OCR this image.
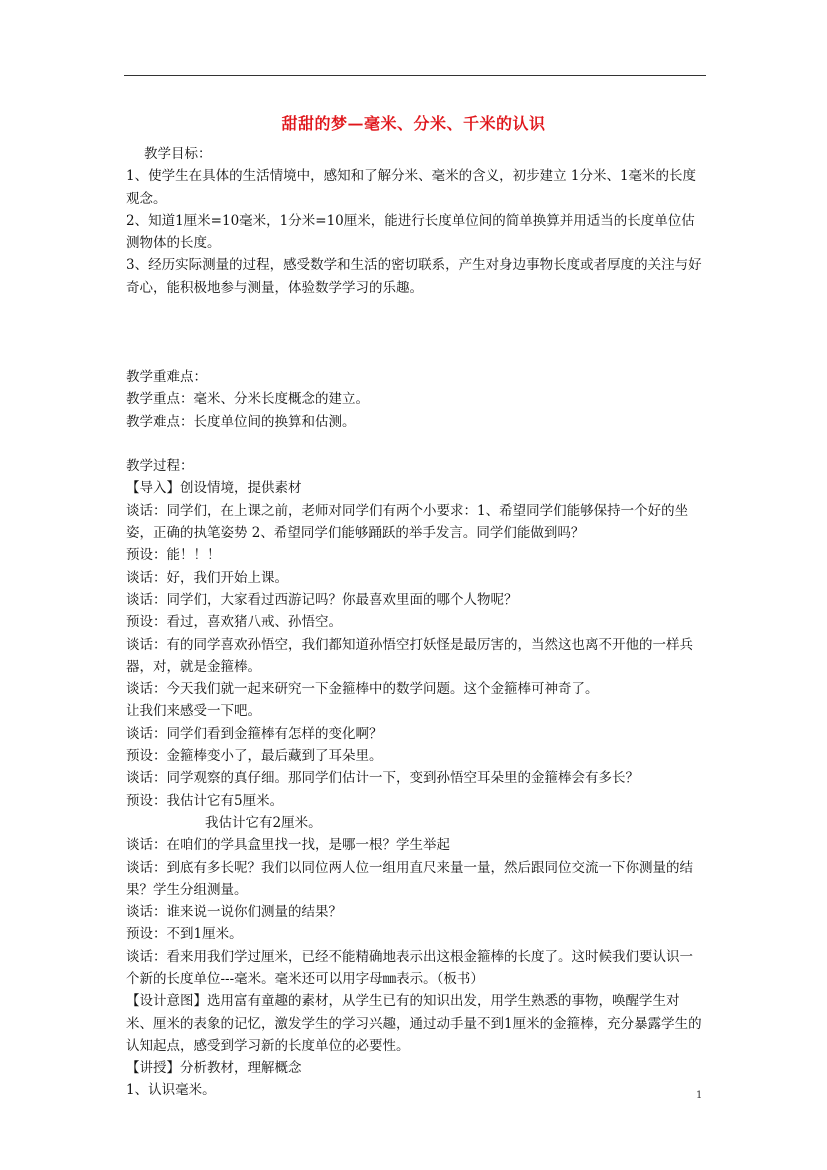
甜甜的梦—毫米、分米、千米的认识

教学目标：

1、使学生在具体的生活情境中，感知和了解分米、毫米的含义，初步建立 1分米、1毫米的长度观念。

2、知道1厘米=10毫米，1分米=10厘米，能进行长度单位间的简单换算并用适当的长度单位估测物体的长度。

3、经历实际测量的过程，感受数学和生活的密切联系，产生对身边事物长度或者厚度的关注与好奇心，能积极地参与测量，体验数学学习的乐趣。

教学重难点：

教学重点：毫米、分米长度概念的建立。

教学难点：长度单位间的换算和估测。

教学过程：

【导入】创设情境，提供素材

谈话：同学们，在上课之前，老师对同学们有两个小要求：1、希望同学们能够保持一个好的坐姿，正确的执笔姿势 2、希望同学们能够踊跃的举手发言。同学们能做到吗？

预设：能！！！

谈话：好，我们开始上课。

谈话：同学们，大家看过西游记吗？你最喜欢里面的哪个人物呢？

预设：看过，喜欢猪八戒、孙悟空。

谈话：有的同学喜欢孙悟空，我们都知道孙悟空打妖怪是最厉害的，当然这也离不开他的一样兵器，对，就是金箍棒。

谈话：今天我们就一起来研究一下金箍棒中的数学问题。这个金箍棒可神奇了。

让我们来感受一下吧。

谈话：同学们看到金箍棒有怎样的变化啊？

预设：金箍棒变小了，最后藏到了耳朵里。

谈话：同学观察的真仔细。那同学们估计一下，变到孙悟空耳朵里的金箍棒会有多长？

预设：我估计它有5厘米。

我估计它有2厘米。

谈话：在咱们的学具盒里找一找，是哪一根？学生举起

谈话：到底有多长呢？我们以同位两人位一组用直尺来量一量，然后跟同位交流一下你测量的结果？学生分组测量。

谈话：谁来说一说你们测量的结果？

预设：不到1厘米。

谈话：看来用我们学过厘米，已经不能精确地表示出这根金箍棒的长度了。这时候我们要认识一个新的长度单位---毫米。毫米还可以用字母㎜表示。（板书）

【设计意图】选用富有童趣的素材，从学生已有的知识出发，用学生熟悉的事物，唤醒学生对米、厘米的表象的记忆，激发学生的学习兴趣，通过动手量不到1厘米的金箍棒，充分暴露学生的认知起点，感受到学习新的长度单位的必要性。

【讲授】分析教材，理解概念

1、认识毫米。	1
